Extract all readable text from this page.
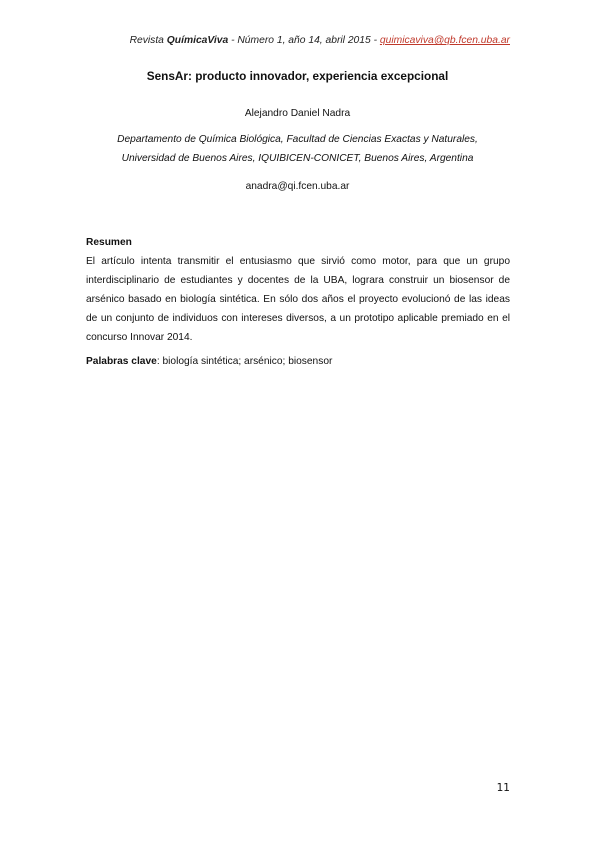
Revista QuímicaViva - Número 1, año 14, abril 2015 - quimicaviva@qb.fcen.uba.ar
SensAr: producto innovador, experiencia excepcional
Alejandro Daniel Nadra
Departamento de Química Biológica, Facultad de Ciencias Exactas y Naturales,
Universidad de Buenos Aires, IQUIBICEN-CONICET, Buenos Aires, Argentina
anadra@qi.fcen.uba.ar
Resumen
El artículo intenta transmitir el entusiasmo que sirvió como motor, para que un grupo interdisciplinario de estudiantes y docentes de la UBA, lograra construir un biosensor de arsénico basado en biología sintética. En sólo dos años el proyecto evolucionó de las ideas de un conjunto de individuos con intereses diversos, a un prototipo aplicable premiado en el concurso Innovar 2014.
Palabras clave: biología sintética; arsénico; biosensor
11
